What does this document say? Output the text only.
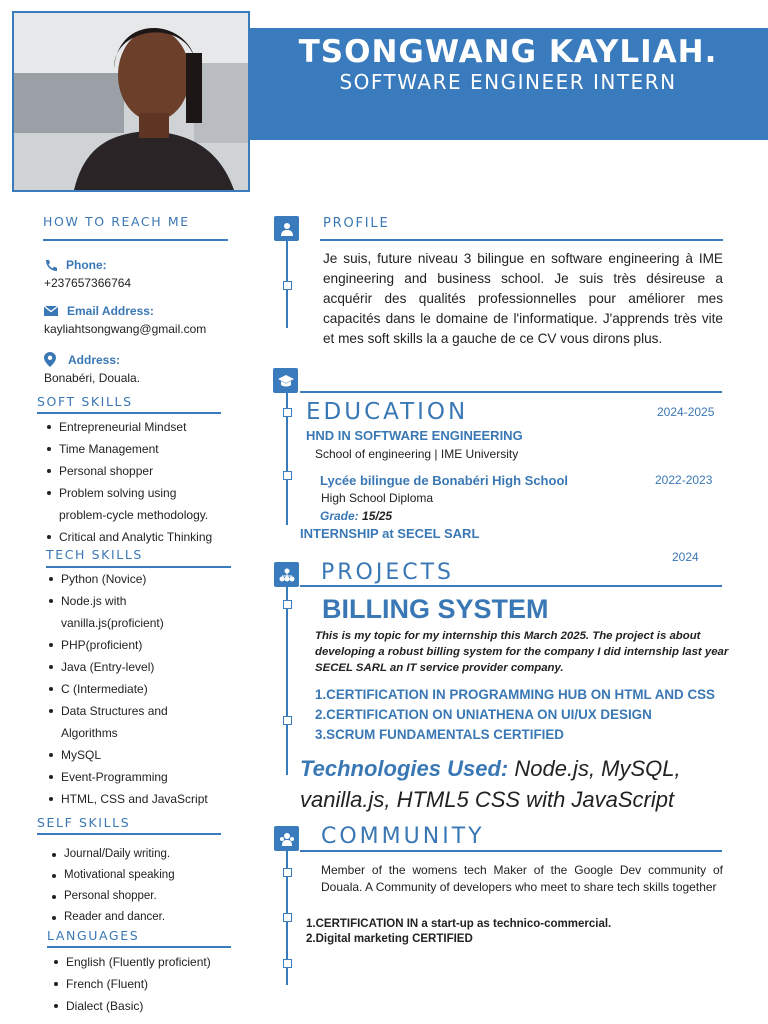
TSONGWANG KAYLIAH.
SOFTWARE ENGINEER INTERN
HOW TO REACH ME
Phone:
+237657366764
Email Address:
kayliahtsongwang@gmail.com
Address:
Bonabéri, Douala.
SOFT SKILLS
Entrepreneurial Mindset
Time Management
Personal shopper
Problem solving using
problem-cycle methodology.
Critical and Analytic Thinking
TECH SKILLS
Python (Novice)
Node.js with
vanilla.js(proficient)
PHP(proficient)
Java (Entry-level)
C (Intermediate)
Data Structures and
Algorithms
MySQL
Event-Programming
HTML, CSS and JavaScript
SELF SKILLS
Journal/Daily writing.
Motivational speaking
Personal shopper.
Reader and dancer.
LANGUAGES
English (Fluently proficient)
French (Fluent)
Dialect (Basic)
PROFILE
Je suis, future niveau 3 bilingue en software engineering à IME engineering and business school. Je suis très désireuse a acquérir des qualités professionnelles pour améliorer mes capacités dans le domaine de l'informatique. J'apprends très vite et mes soft skills la a gauche de ce CV vous dirons plus.
EDUCATION	2024-2025
HND IN SOFTWARE ENGINEERING
School of engineering | IME University
Lycée bilingue de Bonabéri High School	2022-2023
High School Diploma
Grade: 15/25
INTERNSHIP at SECEL SARL
2024
PROJECTS
BILLING SYSTEM
This is my topic for my internship this March 2025. The project is about developing a robust billing system for the company I did internship last year SECEL SARL an IT service provider company.
1.CERTIFICATION IN PROGRAMMING HUB ON HTML AND CSS
2.CERTIFICATION ON UNIATHENA ON UI/UX DESIGN
3.SCRUM FUNDAMENTALS CERTIFIED
Technologies Used: Node.js, MySQL,
vanilla.js, HTML5 CSS with JavaScript
COMMUNITY
Member of the womens tech Maker of the Google Dev community of Douala. A Community of developers who meet to share tech skills together
1.CERTIFICATION IN a start-up as technico-commercial.
2.Digital marketing CERTIFIED
